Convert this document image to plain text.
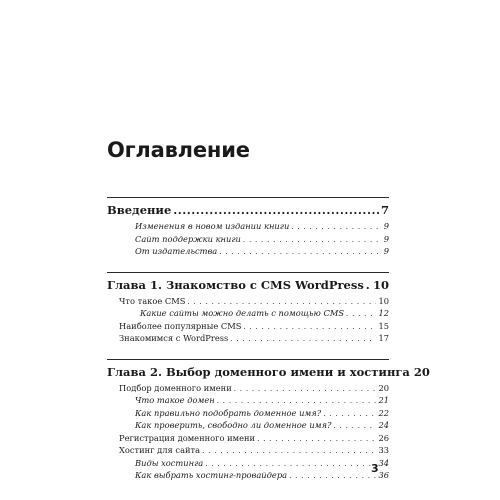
Оглавление
Введение .....	7
Изменения в новом издании книги . . .	9
Сайт поддержки книги . . .	9
От издательства . . .	9
Глава 1. Знакомство с CMS WordPress ..... 10
Что такое CMS . . .	10
Какие сайты можно делать с помощью CMS . . .	12
Наиболее популярные CMS . . .	15
Знакомимся с WordPress . . .	17
Глава 2. Выбор доменного имени и хостинга 20
Подбор доменного имени . . .	20
Что такое домен . . .	21
Как правильно подобрать доменное имя? . . .	22
Как проверить, свободно ли доменное имя? . . .	24
Регистрация доменного имени . . .	26
Хостинг для сайта . . .	33
Виды хостинга . . .	34
Как выбрать хостинг-провайдера . . .	36
3
